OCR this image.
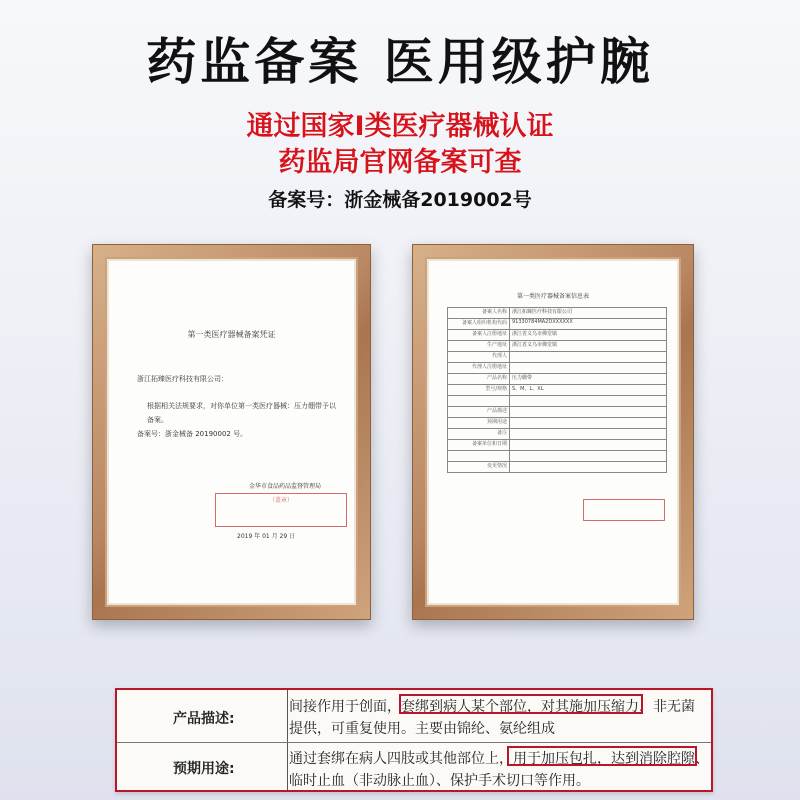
药监备案 医用级护腕
通过国家I类医疗器械认证
药监局官网备案可查
备案号：浙金械备2019002号
第一类医疗器械备案凭证
浙江拓臻医疗科技有限公司：
根据相关法规要求，对你单位第一类医疗器械：压力绷带予以备案。
备案号：浙金械备 20190002 号。
金华市食品药品监督管理局
（盖章）
2019 年 01 月 29 日
第一类医疗器械备案信息表
备案人名称	浙江拓臻医疗科技有限公司
备案人组织机构代码	91330784MA2DXXXXXX
备案人注册地址	浙江省义乌市佛堂镇
生产地址	浙江省义乌市佛堂镇
代理人	
代理人注册地址	
产品名称	压力绷带
型号/规格	S、M、L、XL

产品描述	
预期用途	
备注	
备案单位和日期	

变更情况	
产品描述:
间接作用于创面，套绑到病人某个部位，对其施加压缩力，非无菌
提供，可重复使用。主要由锦纶、氨纶组成
预期用途:
通过套绑在病人四肢或其他部位上，用于加压包扎，达到消除腔隙、
临时止血（非动脉止血）、保护手术切口等作用。
